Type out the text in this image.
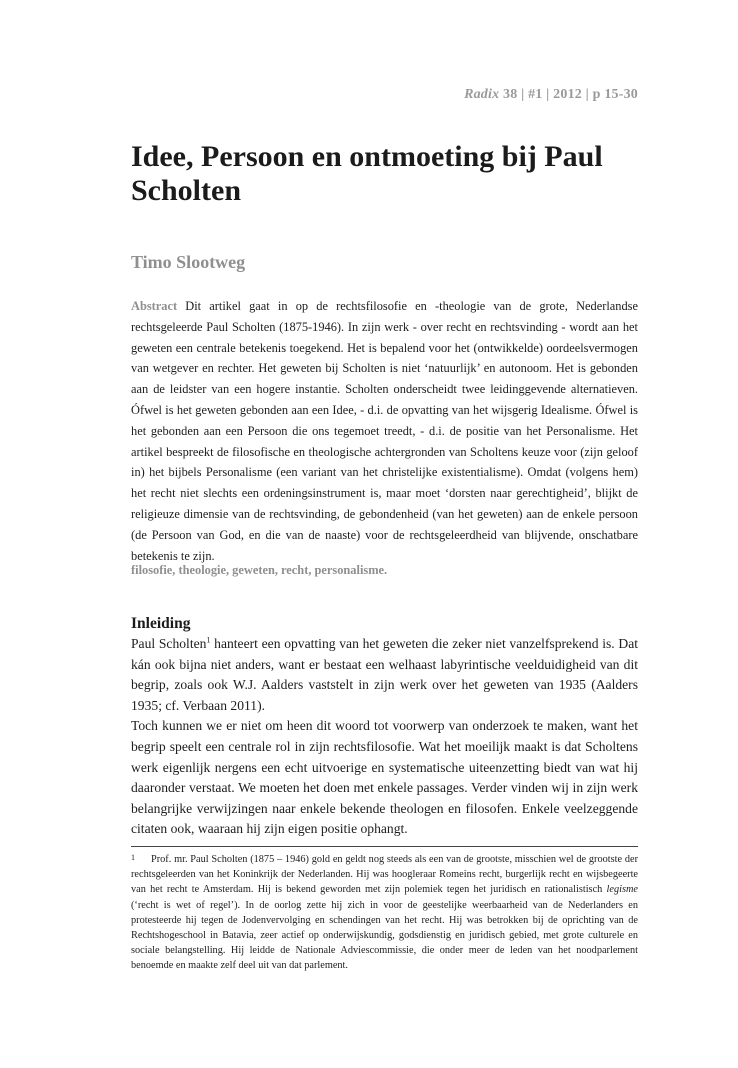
Radix 38 | #1 | 2012 | p 15-30
Idee, Persoon en ontmoeting bij Paul Scholten
Timo Slootweg

Abstract Dit artikel gaat in op de rechtsfilosofie en -theologie van de grote, Nederlandse rechtsgeleerde Paul Scholten (1875-1946). In zijn werk - over recht en rechtsvinding - wordt aan het geweten een centrale betekenis toegekend. Het is bepalend voor het (ontwikkelde) oordeelsvermogen van wetgever en rechter. Het geweten bij Scholten is niet ‘natuurlijk’ en autonoom. Het is gebonden aan de leidster van een hogere instantie. Scholten onderscheidt twee leidinggevende alternatieven. Ófwel is het geweten gebonden aan een Idee, - d.i. de opvatting van het wijsgerig Idealisme. Ófwel is het gebonden aan een Persoon die ons tegemoet treedt, - d.i. de positie van het Personalisme. Het artikel bespreekt de filosofische en theologische achtergronden van Scholtens keuze voor (zijn geloof in) het bijbels Personalisme (een variant van het christelijke existentialisme). Omdat (volgens hem) het recht niet slechts een ordeningsinstrument is, maar moet ‘dorsten naar gerechtigheid’, blijkt de religieuze dimensie van de rechtsvinding, de gebondenheid (van het geweten) aan de enkele persoon (de Persoon van God, en die van de naaste) voor de rechtsgeleerdheid van blijvende, onschatbare betekenis te zijn.

filosofie, theologie, geweten, recht, personalisme.

Inleiding

Paul Scholten$^1$ hanteert een opvatting van het geweten die zeker niet vanzelfsprekend is. Dat kán ook bijna niet anders, want er bestaat een welhaast labyrintische veelduidigheid van dit begrip, zoals ook W.J. Aalders vaststelt in zijn werk over het geweten van 1935 (Aalders 1935; cf. Verbaan 2011).

Toch kunnen we er niet om heen dit woord tot voorwerp van onderzoek te maken, want het begrip speelt een centrale rol in zijn rechtsfilosofie. Wat het moeilijk maakt is dat Scholtens werk eigenlijk nergens een echt uitvoerige en systematische uiteenzetting biedt van wat hij daaronder verstaat. We moeten het doen met enkele passages. Verder vinden wij in zijn werk belangrijke verwijzingen naar enkele bekende theologen en filosofen. Enkele veelzeggende citaten ook, waaraan hij zijn eigen positie ophangt.

1 Prof. mr. Paul Scholten (1875 – 1946) gold en geldt nog steeds als een van de grootste, misschien wel de grootste der rechtsgeleerden van het Koninkrijk der Nederlanden. Hij was hoogleraar Romeins recht, burgerlijk recht en wijsbegeerte van het recht te Amsterdam. Hij is bekend geworden met zijn polemiek tegen het juridisch en rationalistisch legisme (‘recht is wet of regel’). In de oorlog zette hij zich in voor de geestelijke weerbaarheid van de Nederlanders en protesteerde hij tegen de Jodenvervolging en schendingen van het recht. Hij was betrokken bij de oprichting van de Rechtshogeschool in Batavia, zeer actief op onderwijskundig, godsdienstig en juridisch gebied, met grote culturele en sociale belangstelling. Hij leidde de Nationale Adviescommissie, die onder meer de leden van het noodparlement benoemde en maakte zelf deel uit van dat parlement.
